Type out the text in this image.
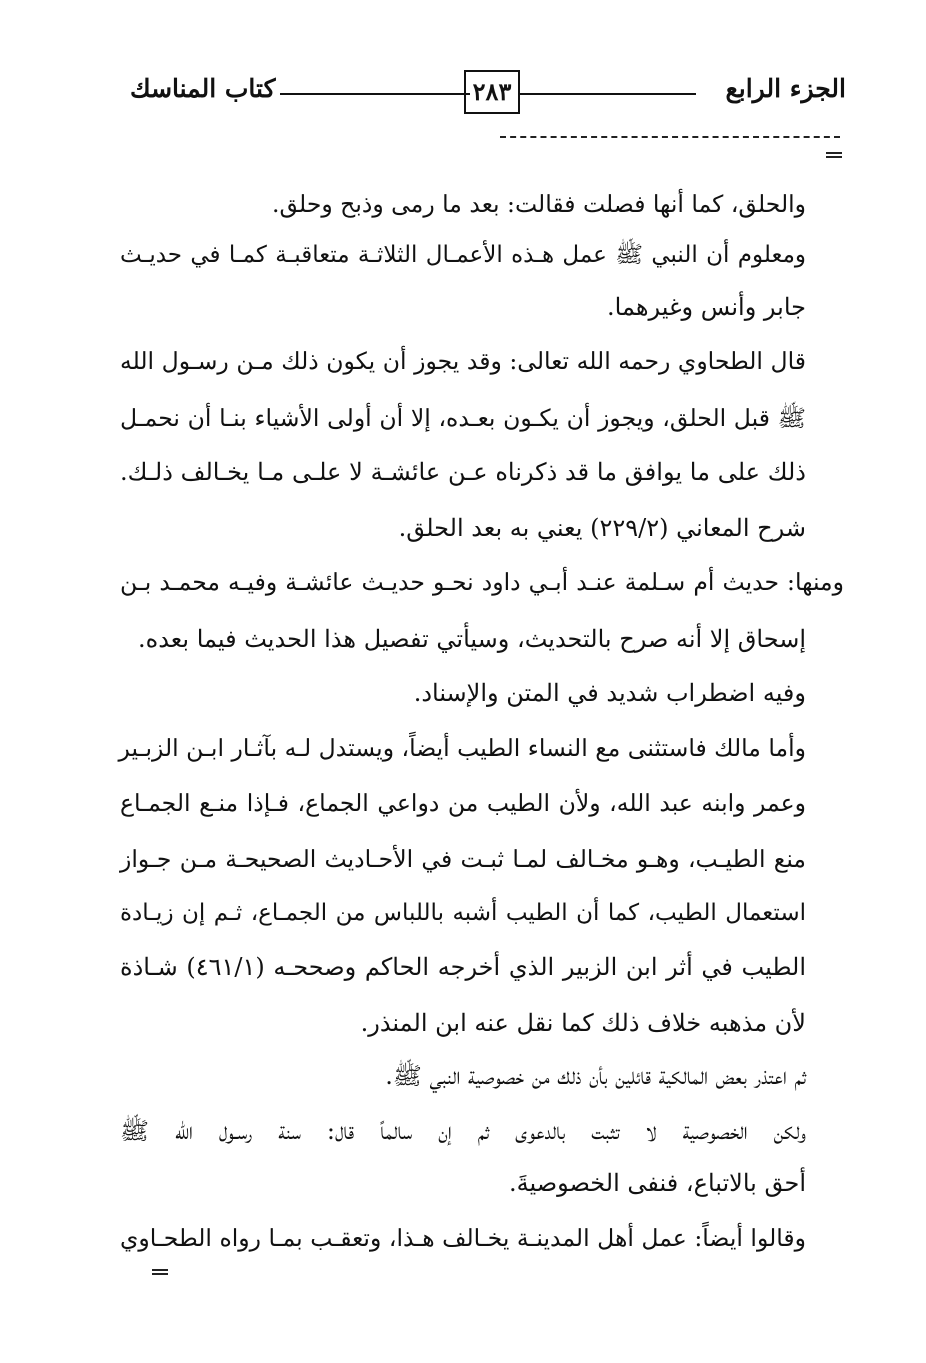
الجزء الرابع
٢٨٣
كتاب المناسك
والحلق، كما أنها فصلت فقالت: بعد ما رمى وذبح وحلق.
ومعلوم أن النبي ﷺ عمل هـذه الأعمـال الثلاثـة متعاقبـة كمـا في حديـث
جابر وأنس وغيرهما.
قال الطحاوي رحمه الله تعالى: وقد يجوز أن يكون ذلك مـن رسـول الله
ﷺ قبل الحلق، ويجوز أن يكـون بعـده، إلا أن أولى الأشياء بنـا أن نحمـل
ذلك على ما يوافق ما قد ذكرناه عـن عائشـة لا علـى مـا يخـالف ذلـك.
شرح المعاني (٢٢٩/٢) يعني به بعد الحلق.
ومنها: حديث أم سـلمة عنـد أبـي داود نحـو حديـث عائشـة وفيـه محمـد بـن
إسحاق إلا أنه صرح بالتحديث، وسيأتي تفصيل هذا الحديث فيما بعده.
وفيه اضطراب شديد في المتن والإسناد.
وأما مالك فاستثنى مع النساء الطيب أيضاً، ويستدل لـه بآثـار ابـن الزبـير
وعمر وابنه عبد الله، ولأن الطيب من دواعي الجماع، فـإذا منـع الجمـاع
منع الطيـب، وهـو مخـالف لمـا ثبـت في الأحـاديث الصحيحـة مـن جـواز
استعمال الطيب، كما أن الطيب أشبه باللباس من الجمـاع، ثـم إن زيـادة
الطيب في أثر ابن الزبير الذي أخرجه الحاكم وصححـه (٤٦١/١) شـاذة
لأن مذهبه خلاف ذلك كما نقل عنه ابن المنذر.
ثم اعتذر بعض المالكية قائلين بأن ذلك من خصوصية النبي ﷺ.
ولكن الخصوصية لا تثبت بالدعوى ثم إن سالماً قال: سنة رسـول الله ﷺ
أحق بالاتباع، فنفى الخصوصيةَ.
وقالوا أيضاً: عمل أهل المدينـة يخـالف هـذا، وتعقـب بمـا رواه الطحـاوي
